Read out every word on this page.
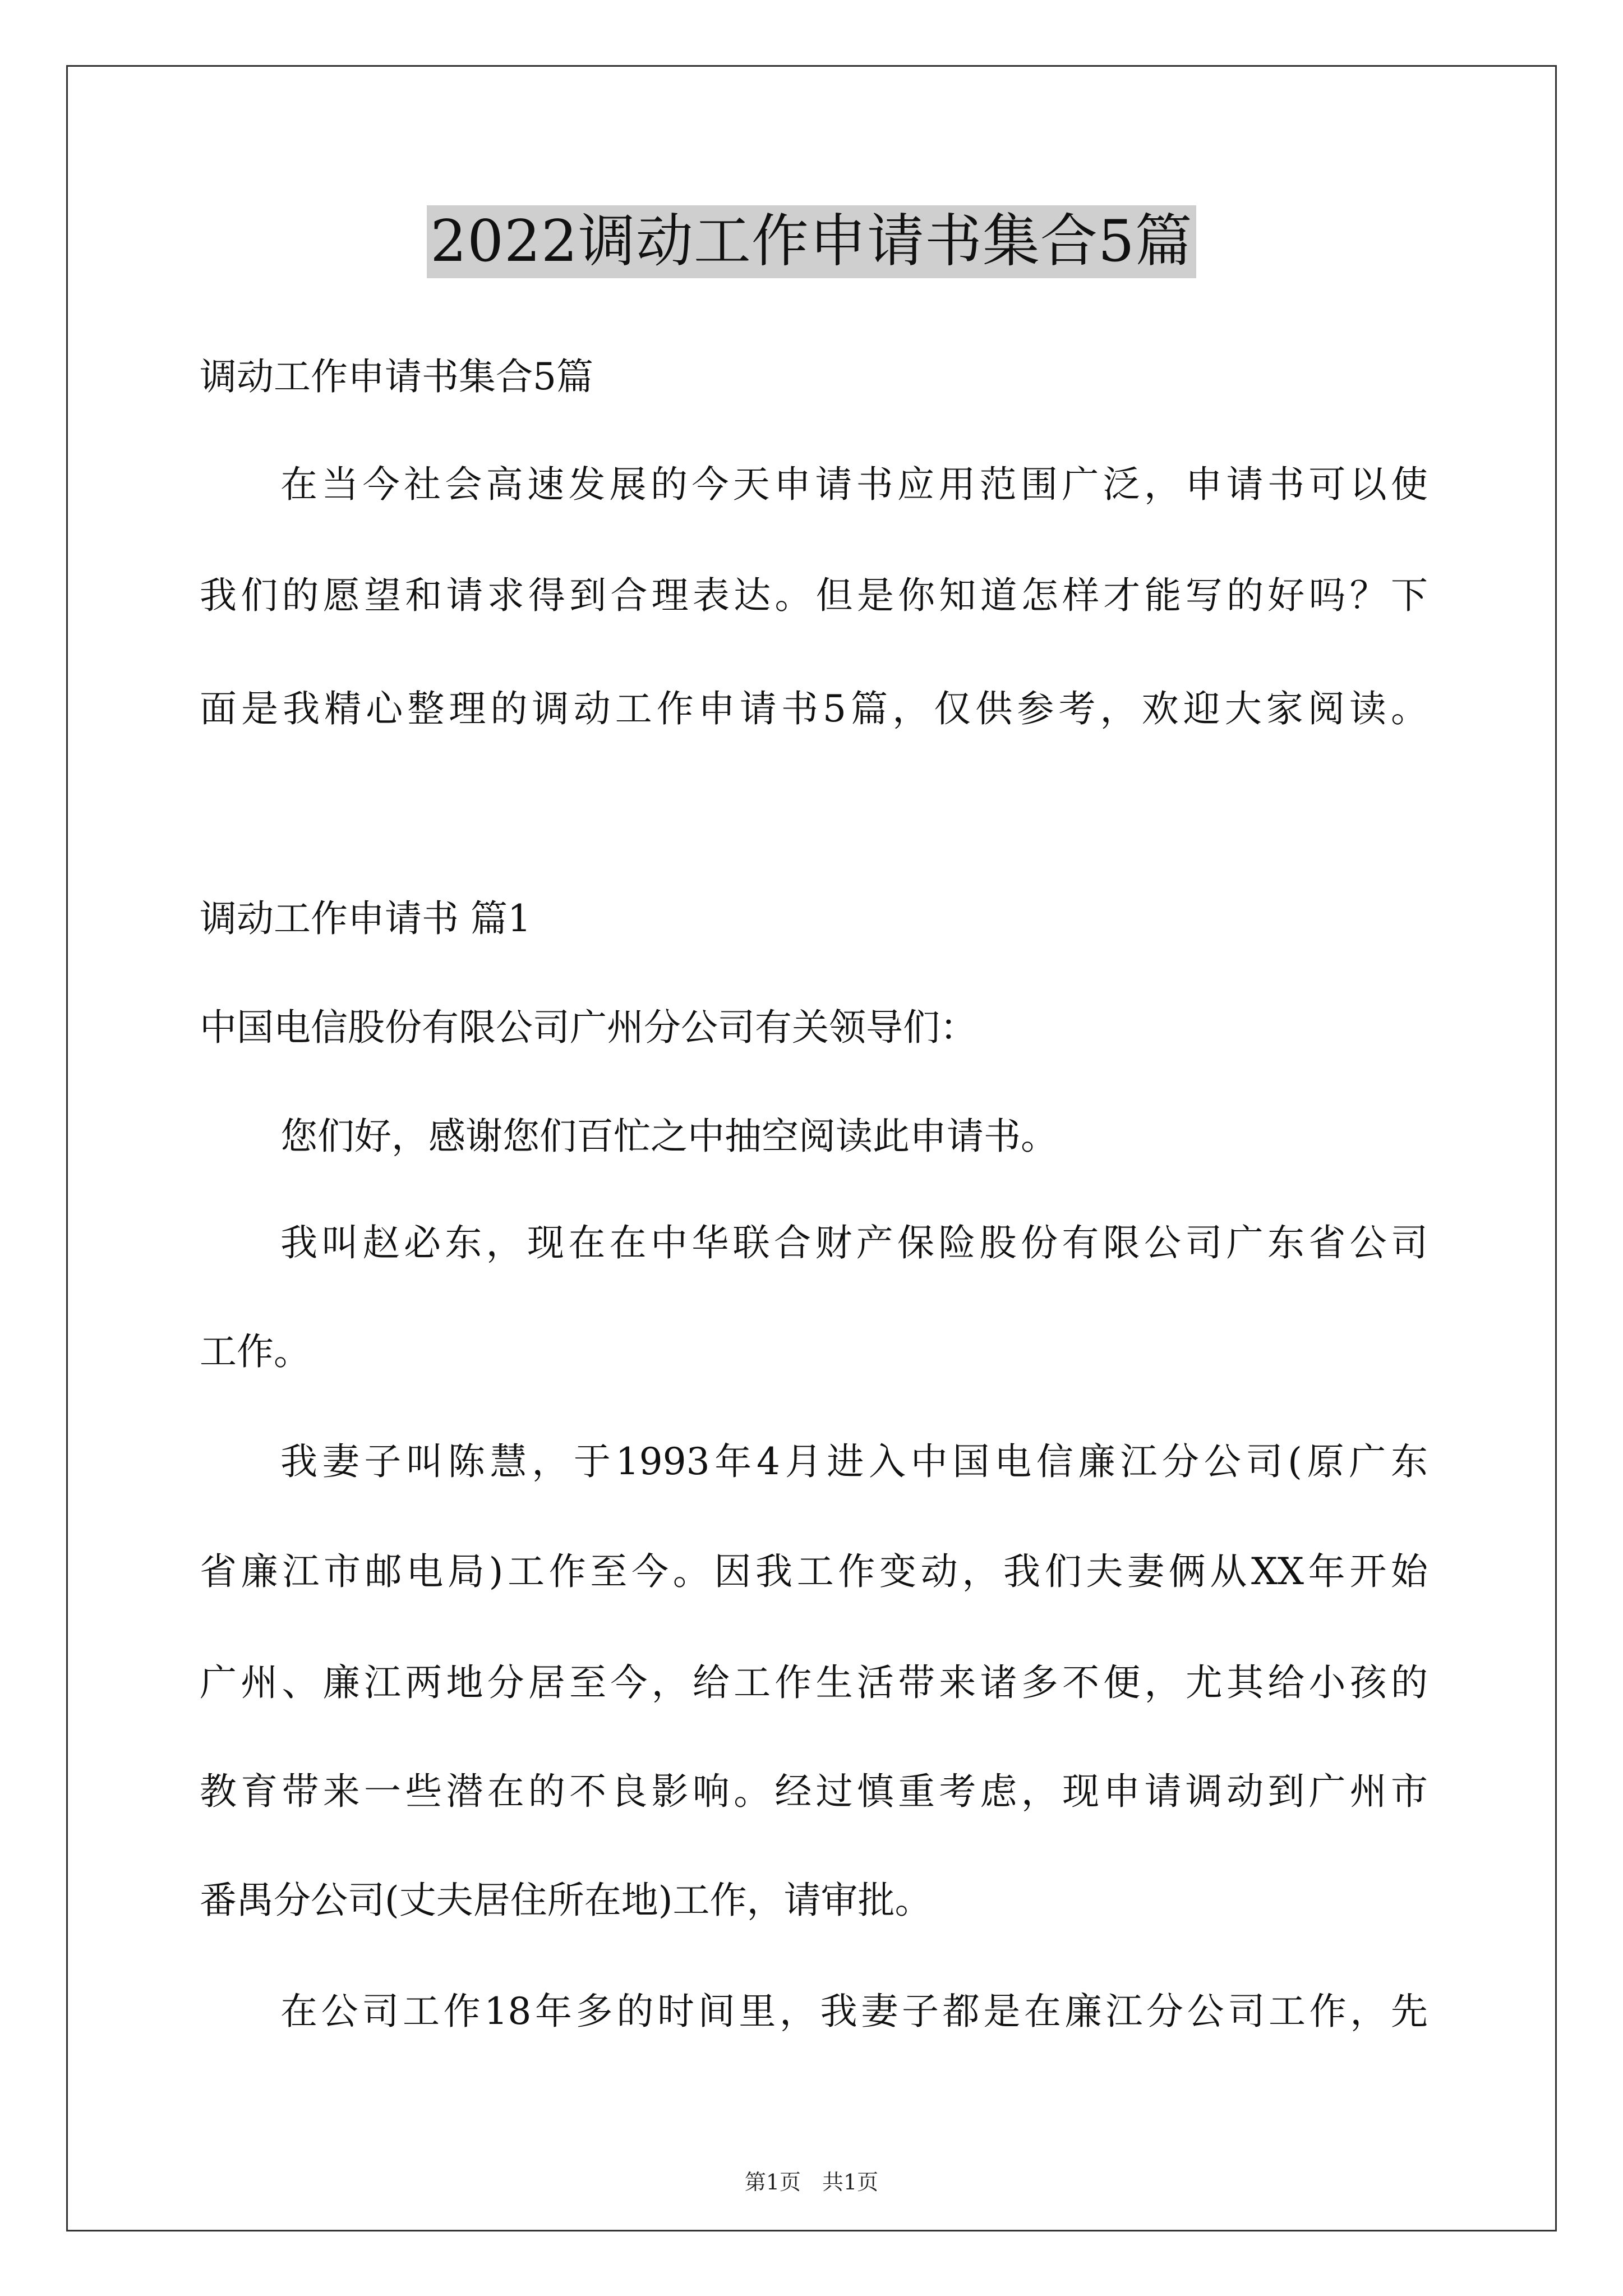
2022调动工作申请书集合5篇
调动工作申请书集合5篇
在当今社会高速发展的今天申请书应用范围广泛，申请书可以使
我们的愿望和请求得到合理表达。但是你知道怎样才能写的好吗？下
面是我精心整理的调动工作申请书5篇，仅供参考，欢迎大家阅读。
调动工作申请书 篇1
中国电信股份有限公司广州分公司有关领导们：
您们好，感谢您们百忙之中抽空阅读此申请书。
我叫赵必东，现在在中华联合财产保险股份有限公司广东省公司
工作。
我妻子叫陈慧，于1993年4月进入中国电信廉江分公司(原广东
省廉江市邮电局)工作至今。因我工作变动，我们夫妻俩从XX年开始
广州、廉江两地分居至今，给工作生活带来诸多不便，尤其给小孩的
教育带来一些潜在的不良影响。经过慎重考虑，现申请调动到广州市
番禺分公司(丈夫居住所在地)工作，请审批。
在公司工作18年多的时间里，我妻子都是在廉江分公司工作，先
第1页　共1页
